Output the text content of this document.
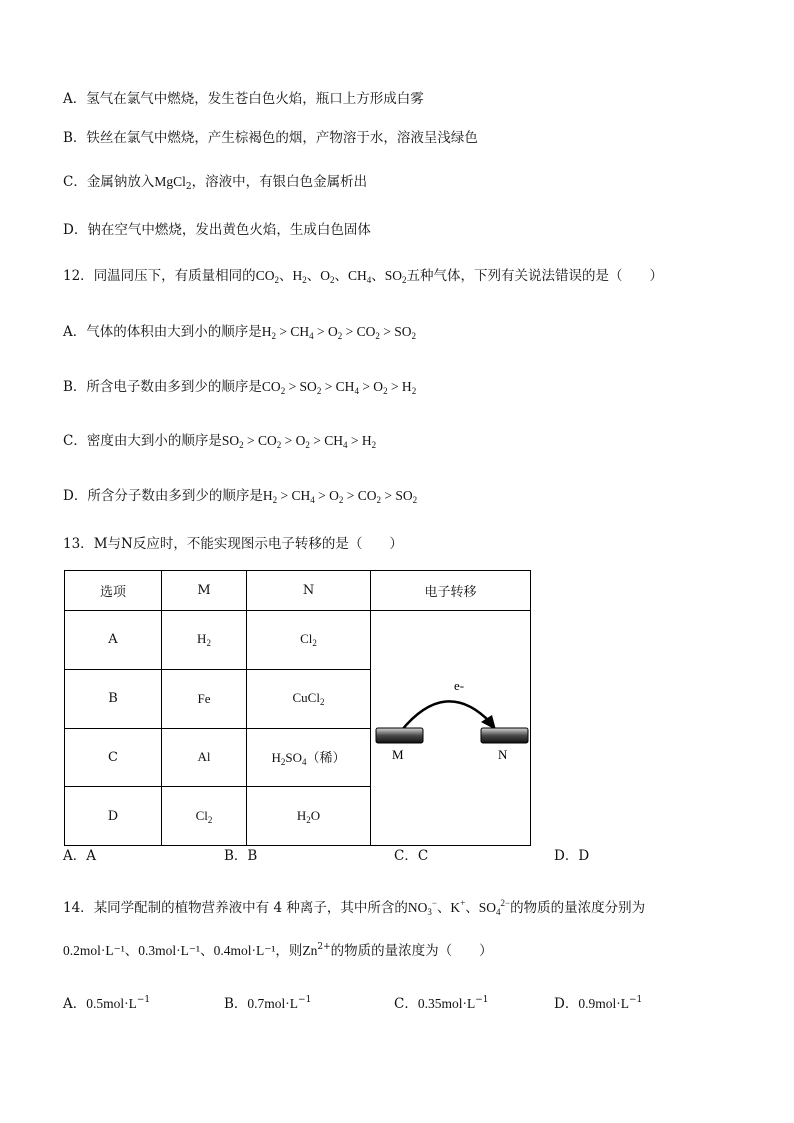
A．氢气在氯气中燃烧，发生苍白色火焰，瓶口上方形成白雾
B．铁丝在氯气中燃烧，产生棕褐色的烟，产物溶于水，溶液呈浅绿色
C．金属钠放入MgCl$_2$，溶液中，有银白色金属析出
D．钠在空气中燃烧，发出黄色火焰，生成白色固体
12．同温同压下，有质量相同的$CO_2$、$H_2$、$O_2$、$CH_4$、$SO_2$五种气体，下列有关说法错误的是（　　）
A．气体的体积由大到小的顺序是$H_2 > CH_4 > O_2 > CO_2 > SO_2$
B．所含电子数由多到少的顺序是$CO_2 > SO_2 > CH_4 > O_2 > H_2$
C．密度由大到小的顺序是$SO_2 > CO_2 > O_2 > CH_4 > H_2$
D．所含分子数由多到少的顺序是$H_2 > CH_4 > O_2 > CO_2 > SO_2$
13．M与N反应时，不能实现图示电子转移的是（　　）
选项	M	N	电子转移
A	$H_2$	$Cl_2$	e-
M N

B	Fe	CuCl$_2$
C	Al	$H_2SO_4$（稀）	
D	$Cl_2$	$H_2O$	
A．A	B．B	C．C	D．D
14．某同学配制的植物营养液中有 4 种离子，其中所含的$NO_3^-$、K+、$SO_4^{2-}$的物质的量浓度分别为
0.2mol·L⁻¹、0.3mol·L⁻¹、0.4mol·L⁻¹，则$Zn^{2+}$的物质的量浓度为（　　）
A．$0.5mol\cdot L^{-1}$	B．$0.7mol\cdot L^{-1}$	C．$0.35mol\cdot L^{-1}$	D．$0.9mol\cdot L^{-1}$
